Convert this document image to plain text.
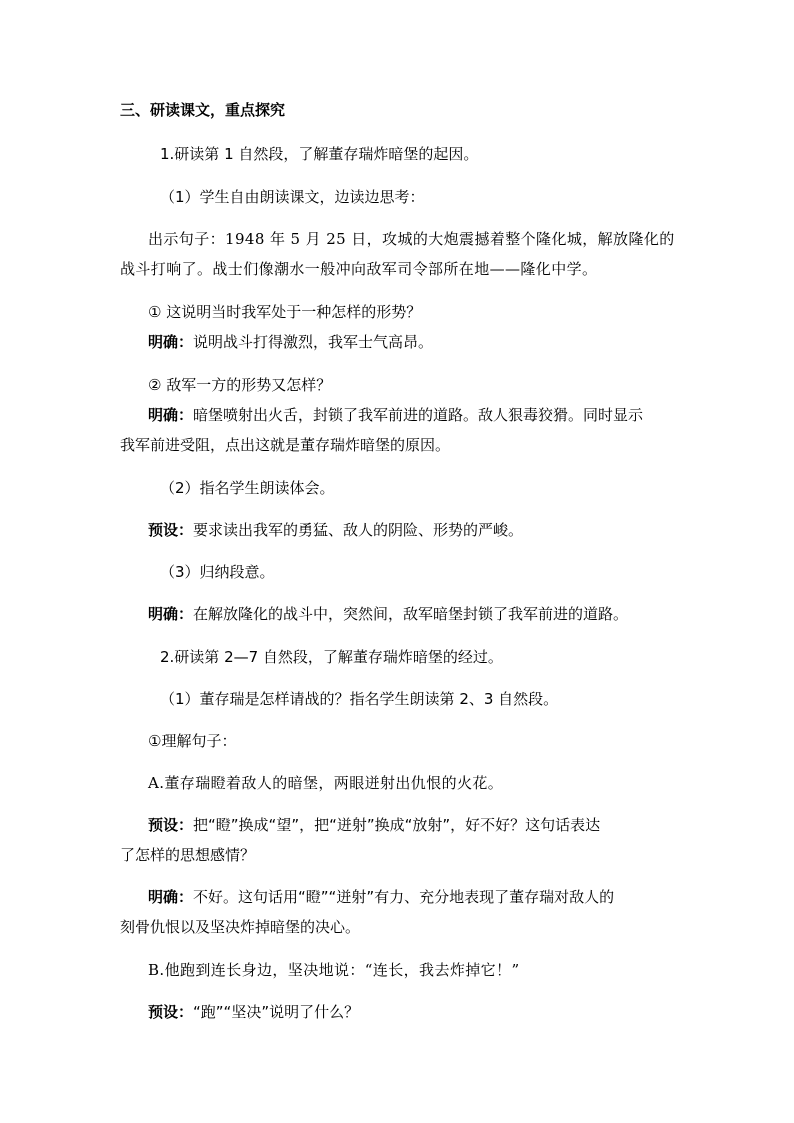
三、研读课文，重点探究
1.研读第 1 自然段，了解董存瑞炸暗堡的起因。
（1）学生自由朗读课文，边读边思考：
出示句子：1948 年 5 月 25 日，攻城的大炮震撼着整个隆化城，解放隆化的
战斗打响了。战士们像潮水一般冲向敌军司令部所在地——隆化中学。
① 这说明当时我军处于一种怎样的形势？
明确：说明战斗打得激烈，我军士气高昂。
② 敌军一方的形势又怎样？
明确：暗堡喷射出火舌，封锁了我军前进的道路。敌人狠毒狡猾。同时显示
我军前进受阻，点出这就是董存瑞炸暗堡的原因。
（2）指名学生朗读体会。
预设：要求读出我军的勇猛、敌人的阴险、形势的严峻。
（3）归纳段意。
明确：在解放隆化的战斗中，突然间，敌军暗堡封锁了我军前进的道路。
2.研读第 2—7 自然段，了解董存瑞炸暗堡的经过。
（1）董存瑞是怎样请战的？指名学生朗读第 2、3 自然段。
①理解句子：
A.董存瑞瞪着敌人的暗堡，两眼迸射出仇恨的火花。
预设：把“瞪”换成“望”，把“迸射”换成“放射”，好不好？这句话表达
了怎样的思想感情？
明确：不好。这句话用“瞪”“迸射”有力、充分地表现了董存瑞对敌人的
刻骨仇恨以及坚决炸掉暗堡的决心。
B.他跑到连长身边，坚决地说：“连长，我去炸掉它！”
预设：“跑”“坚决”说明了什么？
